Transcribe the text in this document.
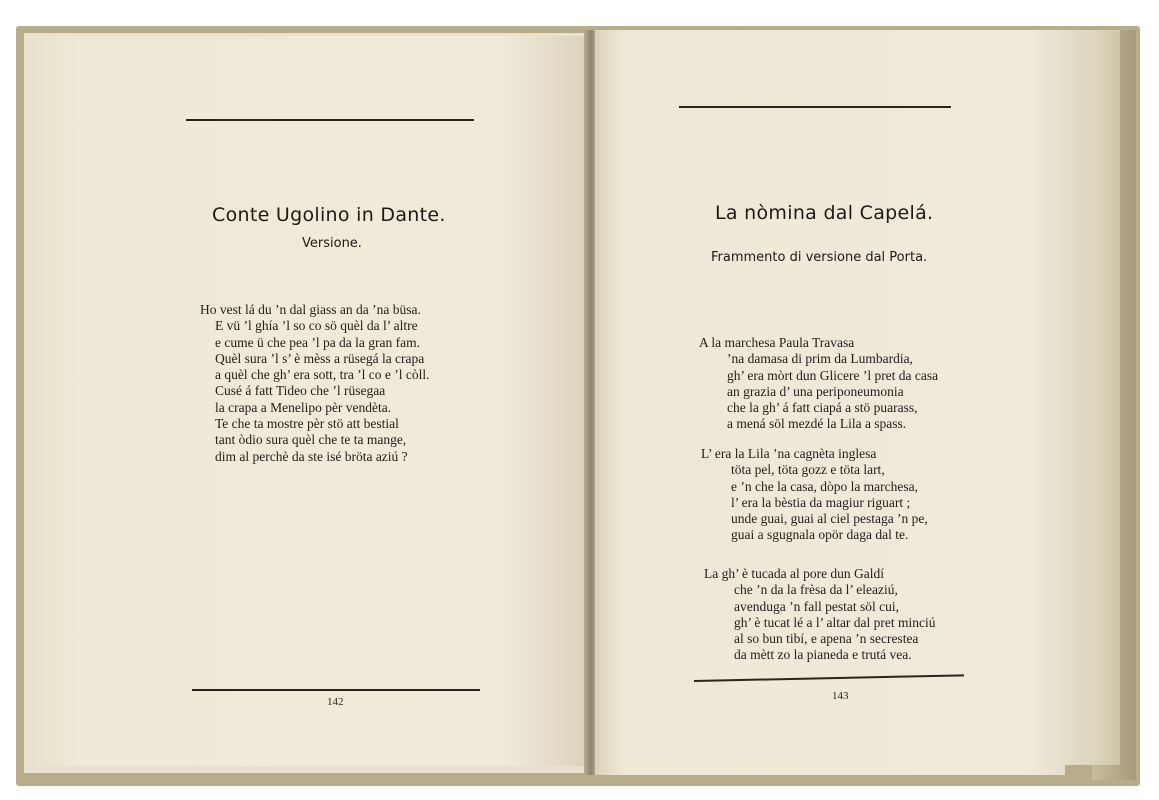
Conte Ugolino in Dante.
Versione.
Ho vest lá du ’n dal giass an da ’na büsa.
E vü ’l ghía ’l so co sö quèl da l’ altre
e cume ü che pea ’l pa da la gran fam.
Quèl sura ’l s’ è mèss a rüsegá la crapa
a quèl che gh’ era sott, tra ’l co e ’l còll.
Cusé á fatt Tideo che ’l rüsegaa
la crapa a Menelipo pèr vendèta.
Te che ta mostre pèr stö att bestial
tant òdio sura quèl che te ta mange,
dim al perchè da ste isé bröta aziú ?
142
La nòmina dal Capelá.
Frammento di versione dal Porta.
A la marchesa Paula Travasa
’na damasa di prim da Lumbardia,
gh’ era mòrt dun Glicere ’l pret da casa
an grazia d’ una periponeumonia
che la gh’ á fatt ciapá a stö puarass,
a mená söl mezdé la Lila a spass.
L’ era la Lila ’na cagnèta inglesa
töta pel, töta gozz e töta lart,
e ’n che la casa, dòpo la marchesa,
l’ era la bèstia da magiur riguart ;
unde guai, guai al ciel pestaga ’n pe,
guai a sgugnala opör daga dal te.
La gh’ è tucada al pore dun Galdí
che ’n da la frèsa da l’ eleaziú,
avenduga ’n fall pestat söl cui,
gh’ è tucat lé a l’ altar dal pret minciú
al so bun tibí, e apena ’n secrestea
da mètt zo la pianeda e trutá vea.
143
